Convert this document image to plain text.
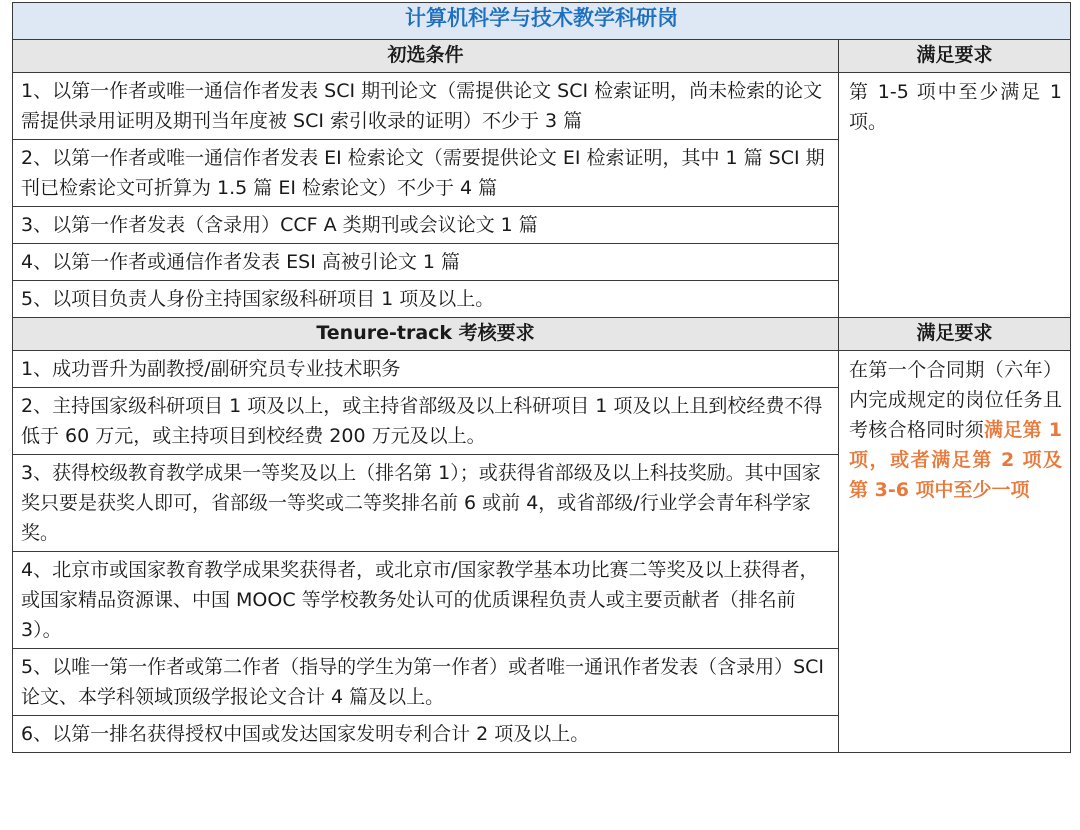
计算机科学与技术教学科研岗	
初选条件	满足要求
1、以第一作者或唯一通信作者发表 SCI 期刊论文（需提供论文 SCI 检索证明，尚未检索的论文需提供录用证明及期刊当年度被 SCI 索引收录的证明）不少于 3 篇	第 1-5 项中至少满足 1 项。
2、以第一作者或唯一通信作者发表 EI 检索论文（需要提供论文 EI 检索证明，其中 1 篇 SCI 期刊已检索论文可折算为 1.5 篇 EI 检索论文）不少于 4 篇	
3、以第一作者发表（含录用）CCF A 类期刊或会议论文 1 篇	
4、以第一作者或通信作者发表 ESI 高被引论文 1 篇	
5、以项目负责人身份主持国家级科研项目 1 项及以上。	
Tenure-track 考核要求	满足要求
1、成功晋升为副教授/副研究员专业技术职务	在第一个合同期（六年）内完成规定的岗位任务且考核合格同时须满足第 1 项，或者满足第 2 项及第 3-6 项中至少一项
2、主持国家级科研项目 1 项及以上，或主持省部级及以上科研项目 1 项及以上且到校经费不得低于 60 万元，或主持项目到校经费 200 万元及以上。	
3、获得校级教育教学成果一等奖及以上（排名第 1）；或获得省部级及以上科技奖励。其中国家奖只要是获奖人即可，省部级一等奖或二等奖排名前 6 或前 4，或省部级/行业学会青年科学家奖。	
4、北京市或国家教育教学成果奖获得者，或北京市/国家教学基本功比赛二等奖及以上获得者，或国家精品资源课、中国 MOOC 等学校教务处认可的优质课程负责人或主要贡献者（排名前 3）。	
5、以唯一第一作者或第二作者（指导的学生为第一作者）或者唯一通讯作者发表（含录用）SCI 论文、本学科领域顶级学报论文合计 4 篇及以上。	
6、以第一排名获得授权中国或发达国家发明专利合计 2 项及以上。	
